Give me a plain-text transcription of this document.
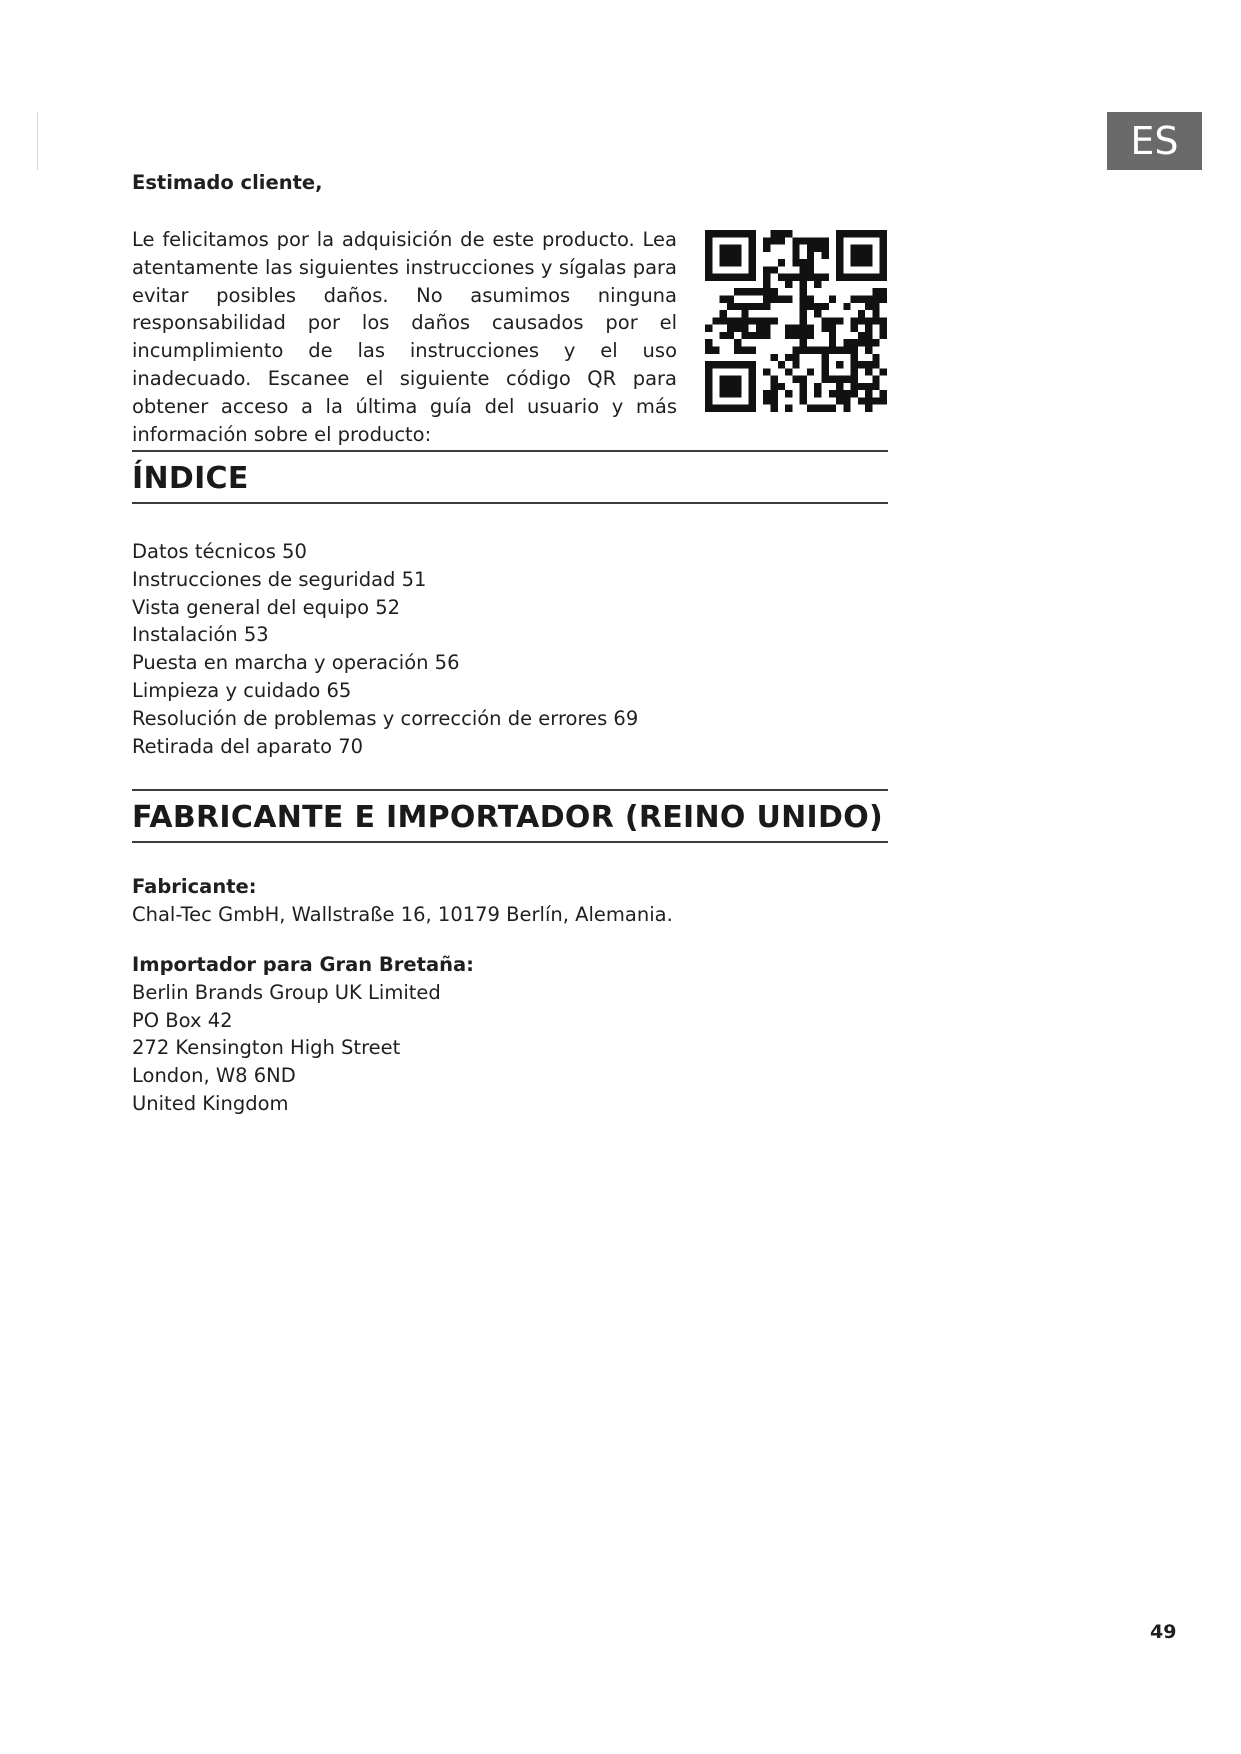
ES
Estimado cliente,

Le felicitamos por la adquisición de este producto. Lea atentamente las siguientes instrucciones y sígalas para evitar posibles daños. No asumimos ninguna responsabilidad por los daños causados por el incumplimiento de las instrucciones y el uso inadecuado. Escanee el siguiente código QR para obtener acceso a la última guía del usuario y más información sobre el producto:

ÍNDICE
Datos técnicos 50
Instrucciones de seguridad 51
Vista general del equipo 52
Instalación 53
Puesta en marcha y operación 56
Limpieza y cuidado 65
Resolución de problemas y corrección de errores 69
Retirada del aparato 70
FABRICANTE E IMPORTADOR (REINO UNIDO)
Fabricante:
Chal-Tec GmbH, Wallstraße 16, 10179 Berlín, Alemania.
Importador para Gran Bretaña:
Berlin Brands Group UK Limited
PO Box 42
272 Kensington High Street
London, W8 6ND
United Kingdom
49
